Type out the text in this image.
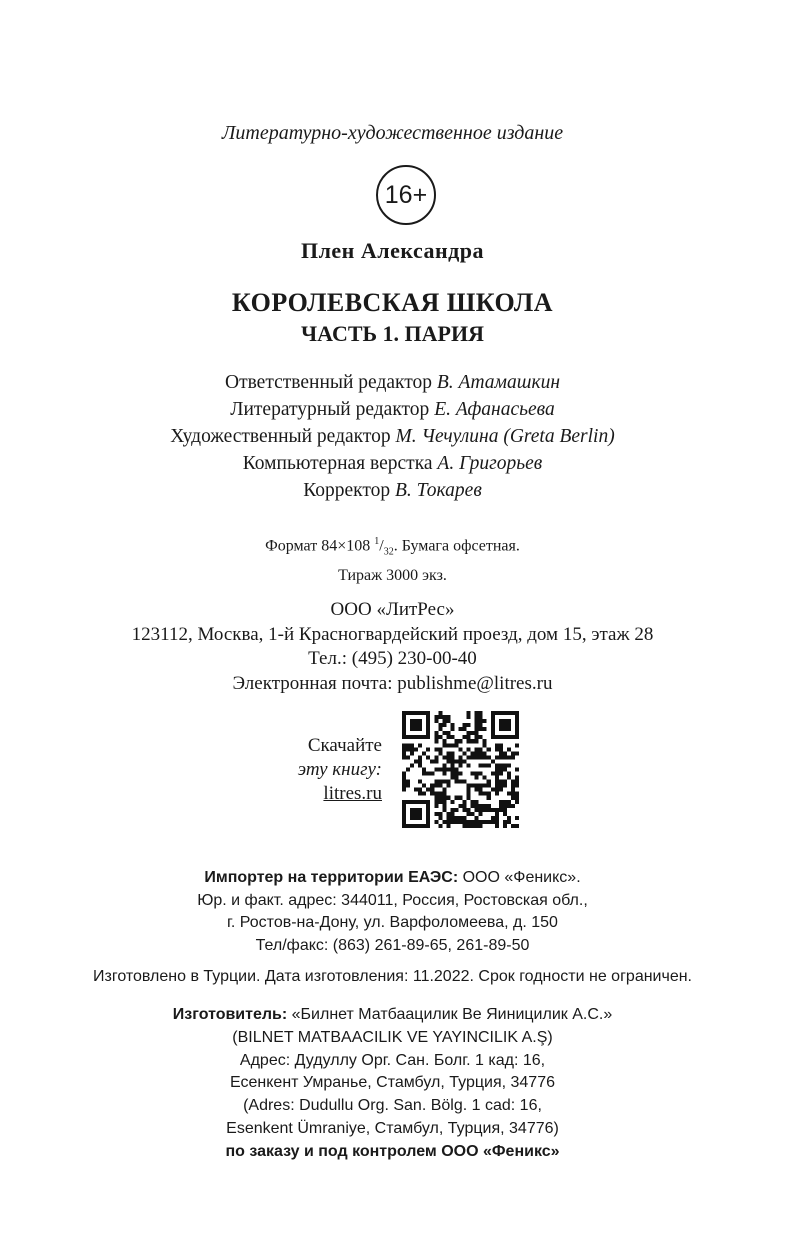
Литературно-художественное издание
16+
Плен Александра
КОРОЛЕВСКАЯ ШКОЛА
ЧАСТЬ 1. ПАРИЯ
Ответственный редактор В. Атамашкин
Литературный редактор Е. Афанасьева
Художественный редактор М. Чечулина (Greta Berlin)
Компьютерная верстка А. Григорьев
Корректор В. Токарев
Формат 84×108 $^1/_{32}$. Бумага офсетная.
Тираж 3000 экз.
ООО «ЛитРес»
123112, Москва, 1-й Красногвардейский проезд, дом 15, этаж 28
Тел.: (495) 230-00-40
Электронная почта: publishme@litres.ru
Скачайте
эту книгу:
litres.ru
Импортер на территории ЕАЭС: ООО «Феникс».
Юр. и факт. адрес: 344011, Россия, Ростовская обл.,
г. Ростов-на-Дону, ул. Варфоломеева, д. 150
Тел/факс: (863) 261-89-65, 261-89-50
Изготовлено в Турции. Дата изготовления: 11.2022. Срок годности не ограничен.
Изготовитель: «Билнет Матбаацилик Ве Яиницилик А.С.»
(BILNET MATBAACILIK VE YAYINCILIK A.Ş)
Адрес: Дудуллу Орг. Сан. Болг. 1 кад: 16,
Есенкент Умранье, Стамбул, Турция, 34776
(Adres: Dudullu Org. San. Bölg. 1 cad: 16,
Esenkent Ümraniye, Стамбул, Турция, 34776)
по заказу и под контролем ООО «Феникс»
